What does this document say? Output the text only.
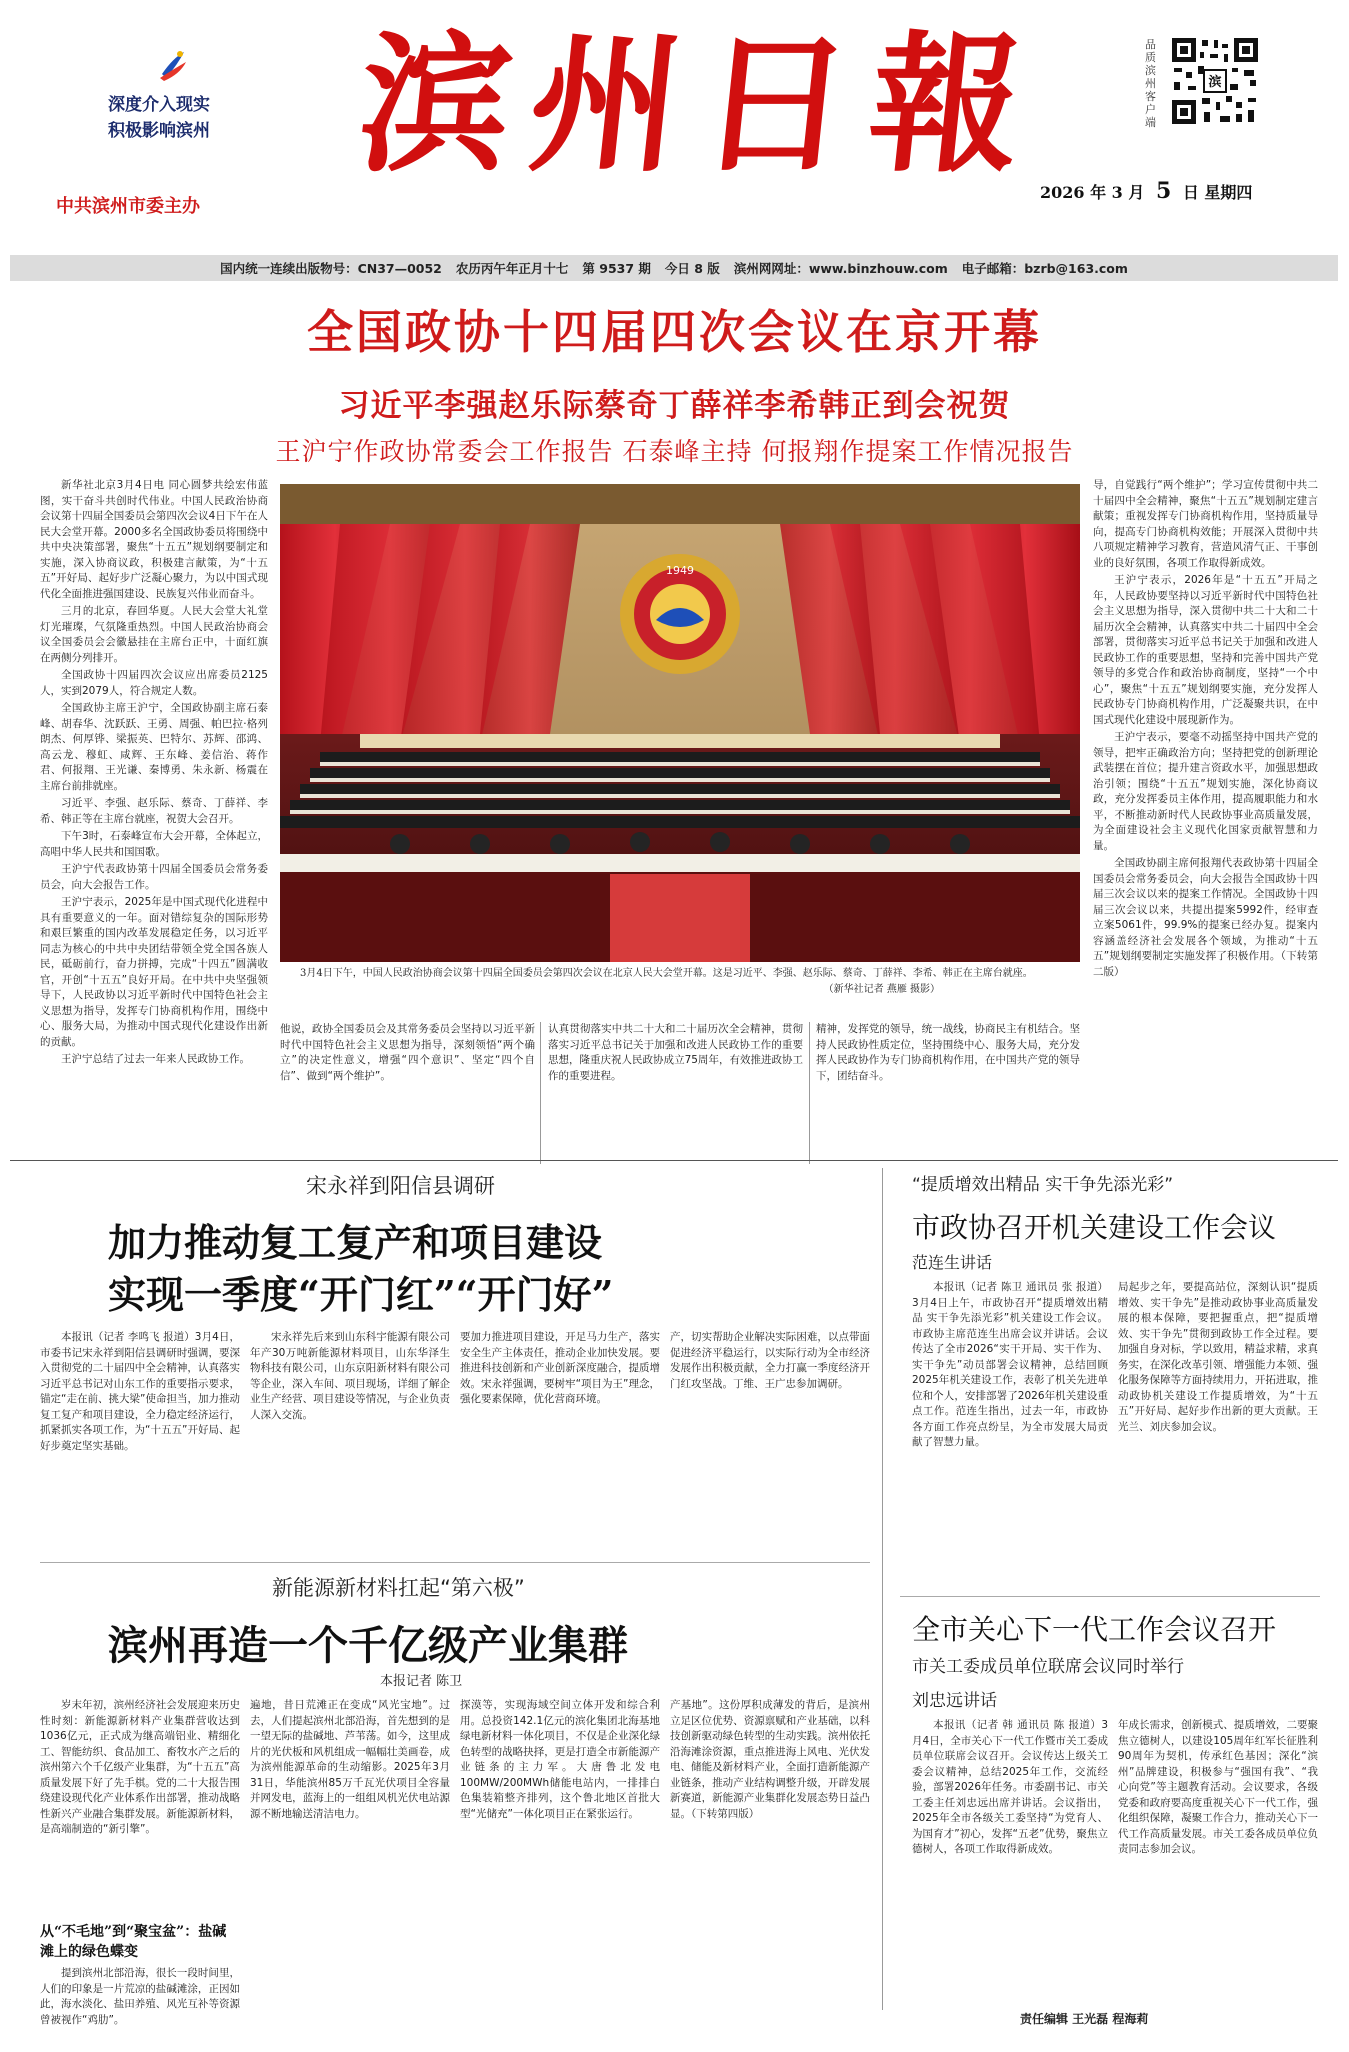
深度介入现实
积极影响滨州
中共滨州市委主办
滨州日報	品质滨州客户端
滨
2026 年 3 月 5 日 星期四
国内统一连续出版物号：CN37—0052 农历丙午年正月十七 第 9537 期 今日 8 版 滨州网网址：www.binzhouw.com 电子邮箱：bzrb@163.com
全国政协十四届四次会议在京开幕
习近平李强赵乐际蔡奇丁薛祥李希韩正到会祝贺
王沪宁作政协常委会工作报告 石泰峰主持 何报翔作提案工作情况报告

新华社北京3月4日电 同心圆梦共绘宏伟蓝图，实干奋斗共创时代伟业。中国人民政治协商会议第十四届全国委员会第四次会议4日下午在人民大会堂开幕。2000多名全国政协委员将围绕中共中央决策部署，聚焦“十五五”规划纲要制定和实施，深入协商议政，积极建言献策，为“十五五”开好局、起好步广泛凝心聚力，为以中国式现代化全面推进强国建设、民族复兴伟业而奋斗。

三月的北京，春回华夏。人民大会堂大礼堂灯光璀璨，气氛隆重热烈。中国人民政治协商会议全国委员会会徽悬挂在主席台正中，十面红旗在两侧分列排开。

全国政协十四届四次会议应出席委员2125人，实到2079人，符合规定人数。

全国政协主席王沪宁，全国政协副主席石泰峰、胡春华、沈跃跃、王勇、周强、帕巴拉·格列朗杰、何厚铧、梁振英、巴特尔、苏辉、邵鸿、高云龙、穆虹、咸辉、王东峰、姜信治、蒋作君、何报翔、王光谦、秦博勇、朱永新、杨震在主席台前排就座。

习近平、李强、赵乐际、蔡奇、丁薛祥、李希、韩正等在主席台就座，祝贺大会召开。

下午3时，石泰峰宣布大会开幕，全体起立，高唱中华人民共和国国歌。

王沪宁代表政协第十四届全国委员会常务委员会，向大会报告工作。

王沪宁表示，2025年是中国式现代化进程中具有重要意义的一年。面对错综复杂的国际形势和艰巨繁重的国内改革发展稳定任务，以习近平同志为核心的中共中央团结带领全党全国各族人民，砥砺前行，奋力拼搏，完成“十四五”圆满收官，开创“十五五”良好开局。在中共中央坚强领导下，人民政协以习近平新时代中国特色社会主义思想为指导，发挥专门协商机构作用，围绕中心、服务大局，为推动中国式现代化建设作出新的贡献。

王沪宁总结了过去一年来人民政协工作。

1949
3月4日下午，中国人民政治协商会议第十四届全国委员会第四次会议在北京人民大会堂开幕。这是习近平、李强、赵乐际、蔡奇、丁薛祥、李希、韩正在主席台就座。
（新华社记者 燕雁 摄影）

导，自觉践行“两个维护”；学习宣传贯彻中共二十届四中全会精神，聚焦“十五五”规划制定建言献策；重视发挥专门协商机构作用，坚持质量导向，提高专门协商机构效能；开展深入贯彻中共八项规定精神学习教育，营造风清气正、干事创业的良好氛围，各项工作取得新成效。

王沪宁表示，2026年是“十五五”开局之年，人民政协要坚持以习近平新时代中国特色社会主义思想为指导，深入贯彻中共二十大和二十届历次全会精神，认真落实中共二十届四中全会部署，贯彻落实习近平总书记关于加强和改进人民政协工作的重要思想，坚持和完善中国共产党领导的多党合作和政治协商制度，坚持“一个中心”，聚焦“十五五”规划纲要实施，充分发挥人民政协专门协商机构作用，广泛凝聚共识，在中国式现代化建设中展现新作为。

王沪宁表示，要毫不动摇坚持中国共产党的领导，把牢正确政治方向；坚持把党的创新理论武装摆在首位；提升建言资政水平，加强思想政治引领；围绕“十五五”规划实施，深化协商议政，充分发挥委员主体作用，提高履职能力和水平，不断推动新时代人民政协事业高质量发展，为全面建设社会主义现代化国家贡献智慧和力量。

全国政协副主席何报翔代表政协第十四届全国委员会常务委员会，向大会报告全国政协十四届三次会议以来的提案工作情况。全国政协十四届三次会议以来，共提出提案5992件，经审查立案5061件，99.9%的提案已经办复。提案内容涵盖经济社会发展各个领域，为推动“十五五”规划纲要制定实施发挥了积极作用。（下转第二版）

他说，政协全国委员会及其常务委员会坚持以习近平新时代中国特色社会主义思想为指导，深刻领悟“两个确立”的决定性意义，增强“四个意识”、坚定“四个自信”、做到“两个维护”。

认真贯彻落实中共二十大和二十届历次全会精神，贯彻落实习近平总书记关于加强和改进人民政协工作的重要思想，隆重庆祝人民政协成立75周年，有效推进政协工作的重要进程。

精神，发挥党的领导，统一战线，协商民主有机结合。坚持人民政协性质定位，坚持围绕中心、服务大局，充分发挥人民政协作为专门协商机构作用，在中国共产党的领导下，团结奋斗。

宋永祥到阳信县调研
加力推动复工复产和项目建设
实现一季度“开门红”“开门好”

本报讯（记者 李鸣飞 报道）3月4日，市委书记宋永祥到阳信县调研时强调，要深入贯彻党的二十届四中全会精神，认真落实习近平总书记对山东工作的重要指示要求，锚定“走在前、挑大梁”使命担当，加力推动复工复产和项目建设，全力稳定经济运行，抓紧抓实各项工作，为“十五五”开好局、起好步奠定坚实基础。

宋永祥先后来到山东科宇能源有限公司年产30万吨新能源材料项目，山东华泽生物科技有限公司，山东京阳新材料有限公司等企业，深入车间、项目现场，详细了解企业生产经营、项目建设等情况，与企业负责人深入交流。

要加力推进项目建设，开足马力生产，落实安全生产主体责任，推动企业加快发展。要推进科技创新和产业创新深度融合，提质增效。宋永祥强调，要树牢“项目为王”理念，强化要素保障，优化营商环境。

产，切实帮助企业解决实际困难，以点带面促进经济平稳运行，以实际行动为全市经济发展作出积极贡献，全力打赢一季度经济开门红攻坚战。丁维、王广忠参加调研。

新能源新材料扛起“第六极”
滨州再造一个千亿级产业集群
本报记者 陈卫

岁末年初，滨州经济社会发展迎来历史性时刻：新能源新材料产业集群营收达到1036亿元，正式成为继高端铝业、精细化工、智能纺织、食品加工、畜牧水产之后的滨州第六个千亿级产业集群，为“十五五”高质量发展下好了先手棋。党的二十大报告围绕建设现代化产业体系作出部署，推动战略性新兴产业融合集群发展。新能源新材料，是高端制造的“新引擎”。

从“不毛地”到“聚宝盆”：盐碱滩上的绿色蝶变

提到滨州北部沿海，很长一段时间里，人们的印象是一片荒凉的盐碱滩涂，正因如此，海水淡化、盐田养殖、风光互补等资源曾被视作“鸡肋”。

遍地，昔日荒滩正在变成“风光宝地”。过去，人们提起滨州北部沿海，首先想到的是一望无际的盐碱地、芦苇荡。如今，这里成片的光伏板和风机组成一幅幅壮美画卷，成为滨州能源革命的生动缩影。2025年3月31日，华能滨州85万千瓦光伏项目全容量并网发电，蓝海上的一组组风机光伏电站源源不断地输送清洁电力。

探漠等，实现海域空间立体开发和综合利用。总投资142.1亿元的滨化集团北海基地绿电新材料一体化项目，不仅是企业深化绿色转型的战略抉择，更是打造全市新能源产业链条的主力军。大唐鲁北发电100MW/200MWh储能电站内，一排排白色集装箱整齐排列，这个鲁北地区首批大型“光储充”一体化项目正在紧张运行。

产基地”。这份厚积成薄发的背后，是滨州立足区位优势、资源禀赋和产业基础，以科技创新驱动绿色转型的生动实践。滨州依托沿海滩涂资源，重点推进海上风电、光伏发电、储能及新材料产业，全面打造新能源产业链条，推动产业结构调整升级，开辟发展新赛道，新能源产业集群化发展态势日益凸显。（下转第四版）

“提质增效出精品 实干争先添光彩”
市政协召开机关建设工作会议
范连生讲话

本报讯（记者 陈卫 通讯员 张 报道）3月4日上午，市政协召开“提质增效出精品 实干争先添光彩”机关建设工作会议。市政协主席范连生出席会议并讲话。会议传达了全市2026“实干开局、实干作为、实干争先”动员部署会议精神，总结回顾2025年机关建设工作，表彰了机关先进单位和个人，安排部署了2026年机关建设重点工作。范连生指出，过去一年，市政协各方面工作亮点纷呈，为全市发展大局贡献了智慧力量。

局起步之年，要提高站位，深刻认识“提质增效、实干争先”是推动政协事业高质量发展的根本保障，要把握重点，把“提质增效、实干争先”贯彻到政协工作全过程。要加强自身对标，学以致用，精益求精，求真务实，在深化改革引领、增强能力本领、强化服务保障等方面持续用力，开拓进取，推动政协机关建设工作提质增效，为“十五五”开好局、起好步作出新的更大贡献。王光兰、刘庆参加会议。

全市关心下一代工作会议召开
市关工委成员单位联席会议同时举行
刘忠远讲话

本报讯（记者 韩 通讯员 陈 报道）3月4日，全市关心下一代工作暨市关工委成员单位联席会议召开。会议传达上级关工委会议精神，总结2025年工作，交流经验，部署2026年任务。市委副书记、市关工委主任刘忠远出席并讲话。会议指出，2025年全市各级关工委坚持“为党育人、为国育才”初心，发挥“五老”优势，聚焦立德树人，各项工作取得新成效。

年成长需求，创新模式、提质增效，二要聚焦立德树人，以建设105周年红军长征胜利90周年为契机，传承红色基因；深化“滨州”品牌建设，积极参与“强国有我”、“我心向党”等主题教育活动。会议要求，各级党委和政府要高度重视关心下一代工作，强化组织保障，凝聚工作合力，推动关心下一代工作高质量发展。市关工委各成员单位负责同志参加会议。

责任编辑 王光磊 程海莉
